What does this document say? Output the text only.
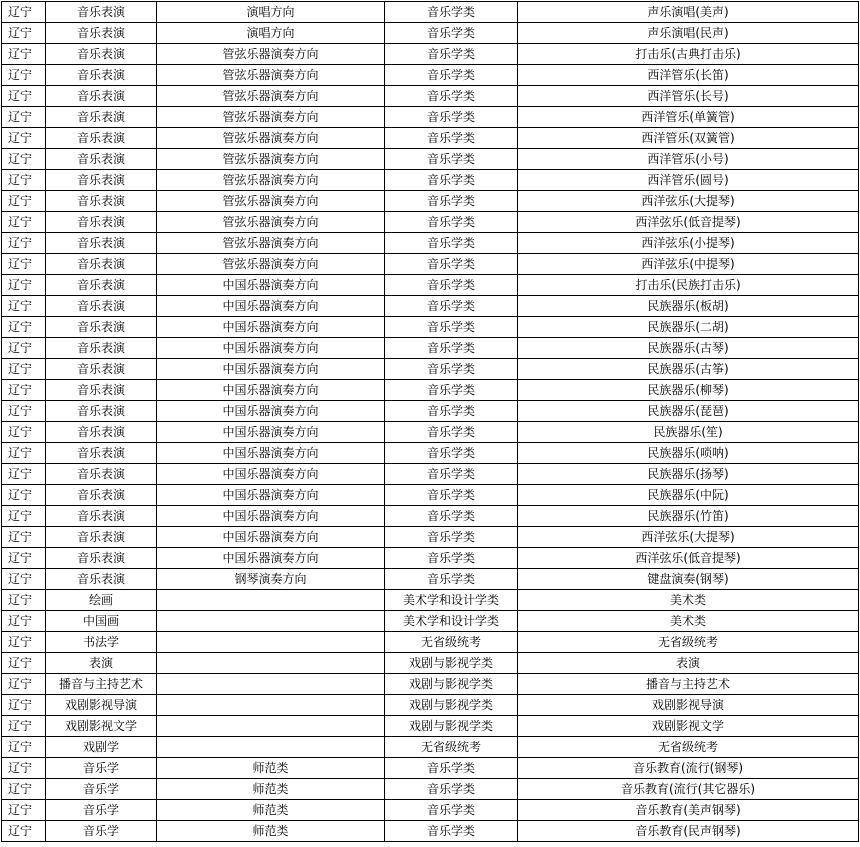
辽宁	音乐表演	演唱方向	音乐学类	声乐演唱(美声)
辽宁	音乐表演	演唱方向	音乐学类	声乐演唱(民声)
辽宁	音乐表演	管弦乐器演奏方向	音乐学类	打击乐(古典打击乐)
辽宁	音乐表演	管弦乐器演奏方向	音乐学类	西洋管乐(长笛)
辽宁	音乐表演	管弦乐器演奏方向	音乐学类	西洋管乐(长号)
辽宁	音乐表演	管弦乐器演奏方向	音乐学类	西洋管乐(单簧管)
辽宁	音乐表演	管弦乐器演奏方向	音乐学类	西洋管乐(双簧管)
辽宁	音乐表演	管弦乐器演奏方向	音乐学类	西洋管乐(小号)
辽宁	音乐表演	管弦乐器演奏方向	音乐学类	西洋管乐(圆号)
辽宁	音乐表演	管弦乐器演奏方向	音乐学类	西洋弦乐(大提琴)
辽宁	音乐表演	管弦乐器演奏方向	音乐学类	西洋弦乐(低音提琴)
辽宁	音乐表演	管弦乐器演奏方向	音乐学类	西洋弦乐(小提琴)
辽宁	音乐表演	管弦乐器演奏方向	音乐学类	西洋弦乐(中提琴)
辽宁	音乐表演	中国乐器演奏方向	音乐学类	打击乐(民族打击乐)
辽宁	音乐表演	中国乐器演奏方向	音乐学类	民族器乐(板胡)
辽宁	音乐表演	中国乐器演奏方向	音乐学类	民族器乐(二胡)
辽宁	音乐表演	中国乐器演奏方向	音乐学类	民族器乐(古琴)
辽宁	音乐表演	中国乐器演奏方向	音乐学类	民族器乐(古筝)
辽宁	音乐表演	中国乐器演奏方向	音乐学类	民族器乐(柳琴)
辽宁	音乐表演	中国乐器演奏方向	音乐学类	民族器乐(琵琶)
辽宁	音乐表演	中国乐器演奏方向	音乐学类	民族器乐(笙)
辽宁	音乐表演	中国乐器演奏方向	音乐学类	民族器乐(唢呐)
辽宁	音乐表演	中国乐器演奏方向	音乐学类	民族器乐(扬琴)
辽宁	音乐表演	中国乐器演奏方向	音乐学类	民族器乐(中阮)
辽宁	音乐表演	中国乐器演奏方向	音乐学类	民族器乐(竹笛)
辽宁	音乐表演	中国乐器演奏方向	音乐学类	西洋弦乐(大提琴)
辽宁	音乐表演	中国乐器演奏方向	音乐学类	西洋弦乐(低音提琴)
辽宁	音乐表演	钢琴演奏方向	音乐学类	键盘演奏(钢琴)
辽宁	绘画		美术学和设计学类	美术类
辽宁	中国画		美术学和设计学类	美术类
辽宁	书法学		无省级统考	无省级统考
辽宁	表演		戏剧与影视学类	表演
辽宁	播音与主持艺术		戏剧与影视学类	播音与主持艺术
辽宁	戏剧影视导演		戏剧与影视学类	戏剧影视导演
辽宁	戏剧影视文学		戏剧与影视学类	戏剧影视文学
辽宁	戏剧学		无省级统考	无省级统考
辽宁	音乐学	师范类	音乐学类	音乐教育(流行(钢琴)
辽宁	音乐学	师范类	音乐学类	音乐教育(流行(其它器乐)
辽宁	音乐学	师范类	音乐学类	音乐教育(美声钢琴)
辽宁	音乐学	师范类	音乐学类	音乐教育(民声钢琴)
